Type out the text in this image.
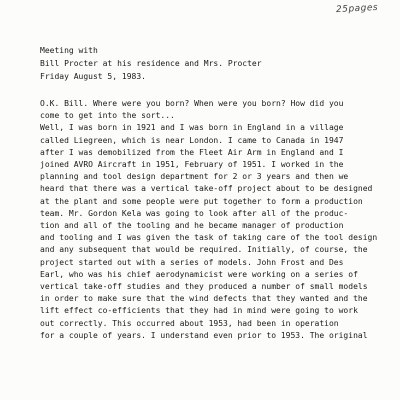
25pages
Meeting with
Bill Procter at his residence and Mrs. Procter
Friday August 5, 1983.
O.K. Bill. Where were you born? When were you born? How did you
come to get into the sort...
Well, I was born in 1921 and I was born in England in a village
called Liegreen, which is near London. I came to Canada in 1947
after I was demobilized from the Fleet Air Arm in England and I
joined AVRO Aircraft in 1951, February of 1951. I worked in the
planning and tool design department for 2 or 3 years and then we
heard that there was a vertical take-off project about to be designed
at the plant and some people were put together to form a production
team. Mr. Gordon Kela was going to look after all of the produc-
tion and all of the tooling and he became manager of production
and tooling and I was given the task of taking care of the tool design
and any subsequent that would be required. Initially, of course, the
project started out with a series of models. John Frost and Des
Earl, who was his chief aerodynamicist were working on a series of
vertical take-off studies and they produced a number of small models
in order to make sure that the wind defects that they wanted and the
lift effect co-efficients that they had in mind were going to work
out correctly. This occurred about 1953, had been in operation
for a couple of years. I understand even prior to 1953. The original
